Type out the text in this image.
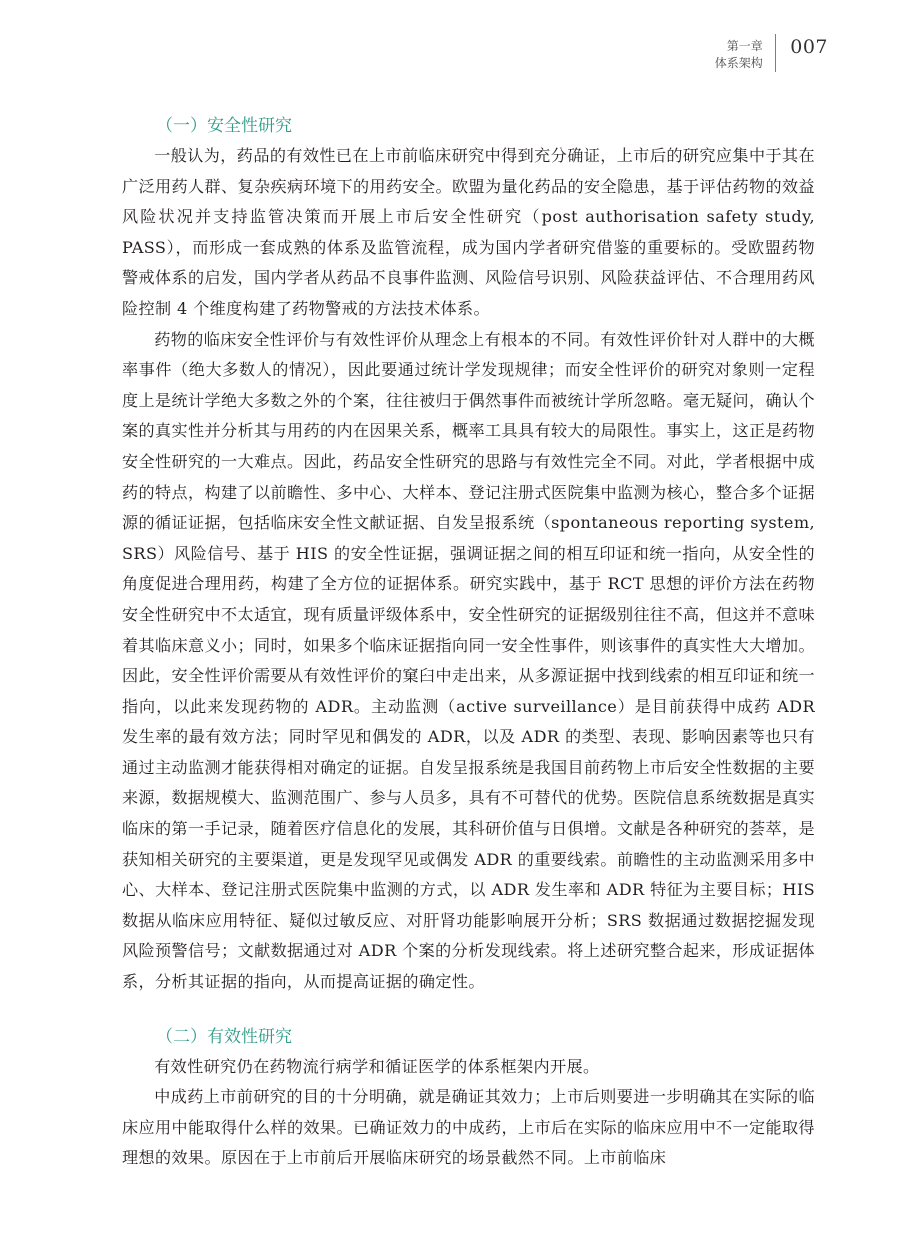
第一章
体系架构
007
（一）安全性研究

一般认为，药品的有效性已在上市前临床研究中得到充分确证，上市后的研究应集中于其在广泛用药人群、复杂疾病环境下的用药安全。欧盟为量化药品的安全隐患，基于评估药物的效益风险状况并支持监管决策而开展上市后安全性研究（post authorisation safety study, PASS），而形成一套成熟的体系及监管流程，成为国内学者研究借鉴的重要标的。受欧盟药物警戒体系的启发，国内学者从药品不良事件监测、风险信号识别、风险获益评估、不合理用药风险控制 4 个维度构建了药物警戒的方法技术体系。

药物的临床安全性评价与有效性评价从理念上有根本的不同。有效性评价针对人群中的大概率事件（绝大多数人的情况），因此要通过统计学发现规律；而安全性评价的研究对象则一定程度上是统计学绝大多数之外的个案，往往被归于偶然事件而被统计学所忽略。毫无疑问，确认个案的真实性并分析其与用药的内在因果关系，概率工具具有较大的局限性。事实上，这正是药物安全性研究的一大难点。因此，药品安全性研究的思路与有效性完全不同。对此，学者根据中成药的特点，构建了以前瞻性、多中心、大样本、登记注册式医院集中监测为核心，整合多个证据源的循证证据，包括临床安全性文献证据、自发呈报系统（spontaneous reporting system, SRS）风险信号、基于 HIS 的安全性证据，强调证据之间的相互印证和统一指向，从安全性的角度促进合理用药，构建了全方位的证据体系。研究实践中，基于 RCT 思想的评价方法在药物安全性研究中不太适宜，现有质量评级体系中，安全性研究的证据级别往往不高，但这并不意味着其临床意义小；同时，如果多个临床证据指向同一安全性事件，则该事件的真实性大大增加。因此，安全性评价需要从有效性评价的窠臼中走出来，从多源证据中找到线索的相互印证和统一指向，以此来发现药物的 ADR。主动监测（active surveillance）是目前获得中成药 ADR 发生率的最有效方法；同时罕见和偶发的 ADR，以及 ADR 的类型、表现、影响因素等也只有通过主动监测才能获得相对确定的证据。自发呈报系统是我国目前药物上市后安全性数据的主要来源，数据规模大、监测范围广、参与人员多，具有不可替代的优势。医院信息系统数据是真实临床的第一手记录，随着医疗信息化的发展，其科研价值与日俱增。文献是各种研究的荟萃，是获知相关研究的主要渠道，更是发现罕见或偶发 ADR 的重要线索。前瞻性的主动监测采用多中心、大样本、登记注册式医院集中监测的方式，以 ADR 发生率和 ADR 特征为主要目标；HIS 数据从临床应用特征、疑似过敏反应、对肝肾功能影响展开分析；SRS 数据通过数据挖掘发现风险预警信号；文献数据通过对 ADR 个案的分析发现线索。将上述研究整合起来，形成证据体系，分析其证据的指向，从而提高证据的确定性。

（二）有效性研究

有效性研究仍在药物流行病学和循证医学的体系框架内开展。

中成药上市前研究的目的十分明确，就是确证其效力；上市后则要进一步明确其在实际的临床应用中能取得什么样的效果。已确证效力的中成药，上市后在实际的临床应用中不一定能取得理想的效果。原因在于上市前后开展临床研究的场景截然不同。上市前临床
